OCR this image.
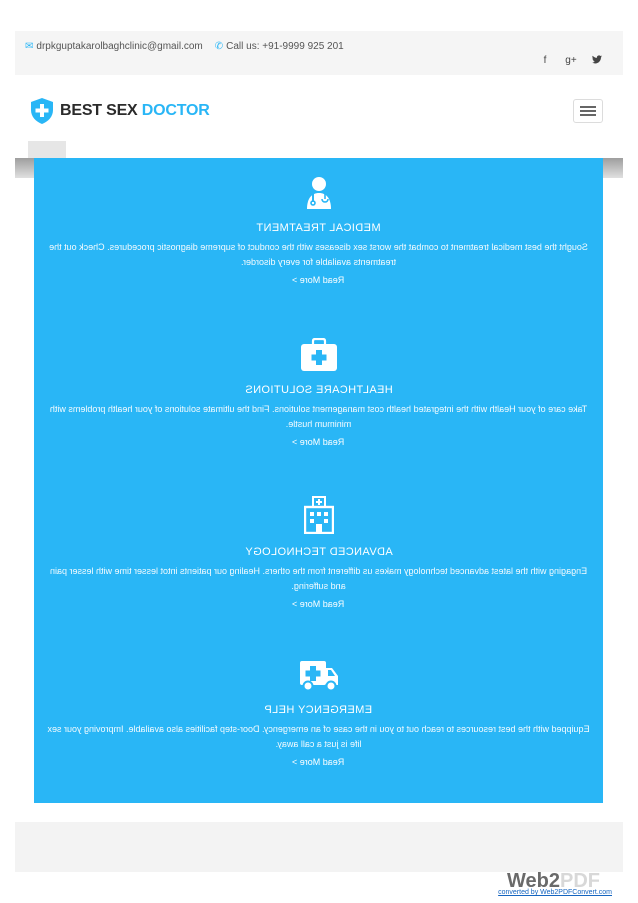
✉ drpkguptakarolbaghclinic@gmail.com ✆ Call us: +91-9999 925 201
f	g+
BEST SEX DOCTOR
MEDICAL TREATMENT
Sought the best medical treatment to combat the worst sex diseases with the conduct of supreme diagnostic procedures. Check out the treatments available for every disorder.
Read More >
HEALTHCARE SOLUTIONS
Take care of your Health with the integrated health cost management solutions. Find the ultimate solutions of your health problems with minimum hustle.
Read More >
ADVANCED TECHNOLOGY
Engaging with the latest advanced technology makes us different from the others. Healing our patients intot lesser time with lesser pain and suffering.
Read More >
EMERGENCY HELP
Equipped with the best resources to reach out to you in the case of an emergency. Door-step facilities also available. Improving your sex life is just a call away.
Read More >
Web2PDF
converted by Web2PDFConvert.com
